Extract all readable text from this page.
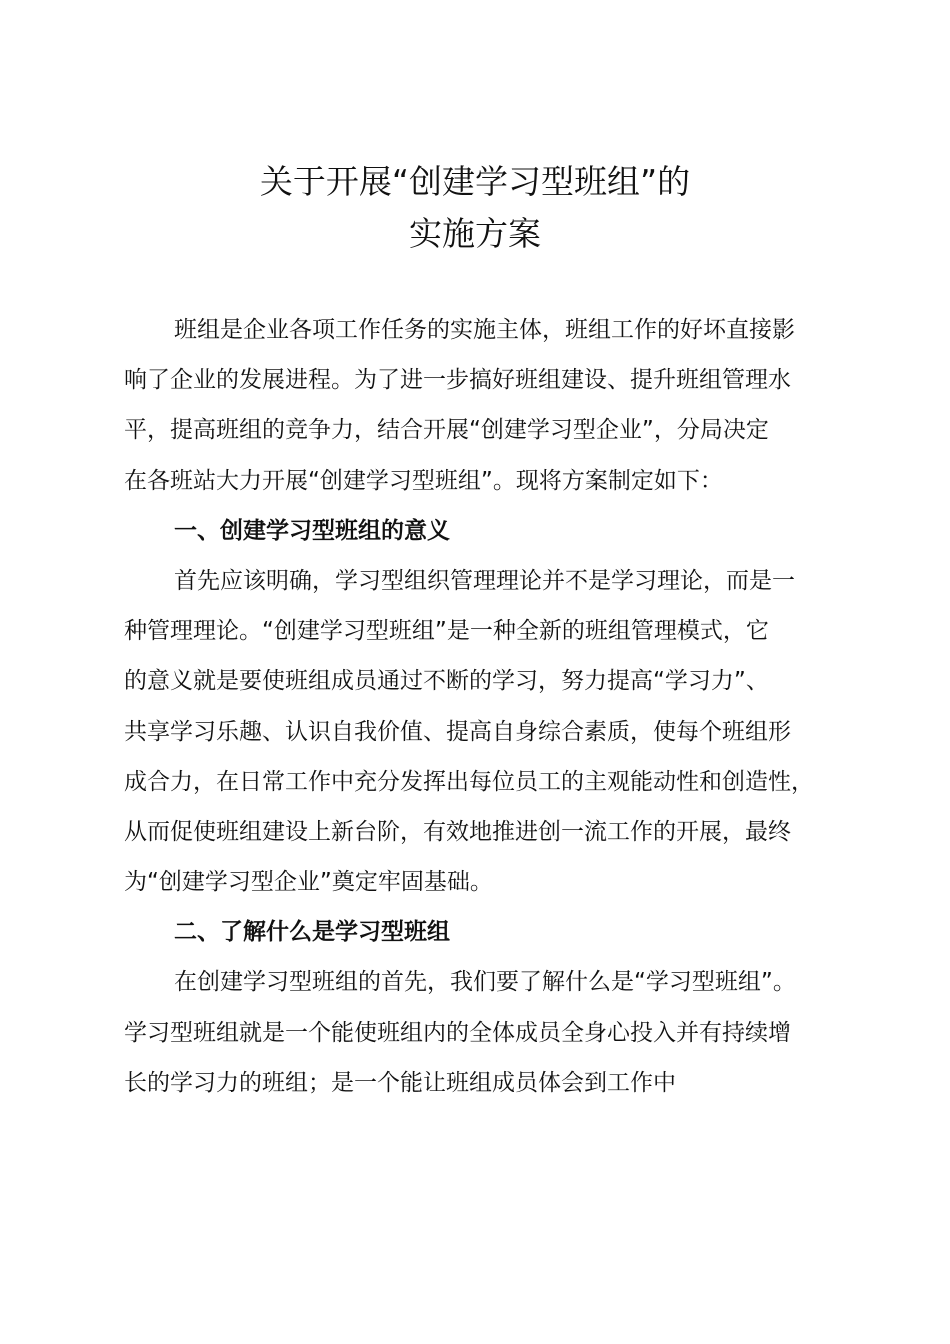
关于开展“创建学习型班组”的
实施方案
班组是企业各项工作任务的实施主体，班组工作的好坏直接影
响了企业的发展进程。为了进一步搞好班组建设、提升班组管理水
平，提高班组的竞争力，结合开展“创建学习型企业”，分局决定
在各班站大力开展“创建学习型班组”。现将方案制定如下：
一、创建学习型班组的意义
首先应该明确，学习型组织管理理论并不是学习理论，而是一
种管理理论。“创建学习型班组”是一种全新的班组管理模式，它
的意义就是要使班组成员通过不断的学习，努力提高“学习力”、
共享学习乐趣、认识自我价值、提高自身综合素质，使每个班组形
成合力，在日常工作中充分发挥出每位员工的主观能动性和创造性，
从而促使班组建设上新台阶，有效地推进创一流工作的开展，最终
为“创建学习型企业”奠定牢固基础。
二、了解什么是学习型班组
在创建学习型班组的首先，我们要了解什么是“学习型班组”。
学习型班组就是一个能使班组内的全体成员全身心投入并有持续增
长的学习力的班组；是一个能让班组成员体会到工作中
